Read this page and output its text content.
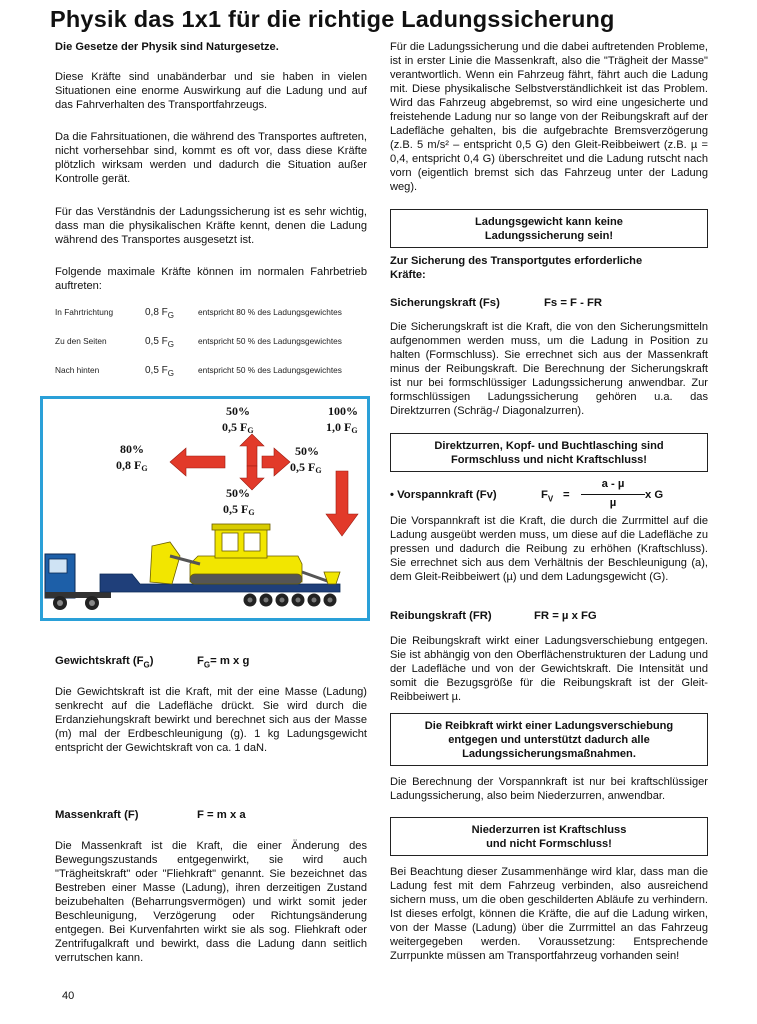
Physik das 1x1 für die richtige Ladungssicherung
Die Gesetze der Physik sind Naturgesetze.

Diese Kräfte sind unabänderbar und sie haben in vielen Situationen eine enorme Auswirkung auf die Ladung und auf das Fahrverhalten des Transportfahrzeugs.

Da die Fahrsituationen, die während des Transportes auftreten, nicht vorhersehbar sind, kommt es oft vor, dass diese Kräfte plötzlich wirksam werden und dadurch die Situation außer Kontrolle gerät.

Für das Verständnis der Ladungssicherung ist es sehr wichtig, dass man die physikalischen Kräfte kennt, denen die Ladung während des Transportes ausgesetzt ist.

Folgende maximale Kräfte können im normalen Fahrbetrieb auftreten:

In Fahrtrichtung	0,8 $F_G$	entspricht 80 % des Ladungsgewichtes
Zu den Seiten	0,5 $F_G$	entspricht 50 % des Ladungsgewichtes
Nach hinten	0,5 $F_G$	entspricht 50 % des Ladungsgewichtes
50%
0,5 FG
100%
1,0 FG
80%
0,8 FG
50%
0,5 FG
50%
0,5 FG
Gewichtskraft $(F_G)$	$F_G= m$ x g

Die Gewichtskraft ist die Kraft, mit der eine Masse (Ladung) senkrecht auf die Ladefläche drückt. Sie wird durch die Erdanziehungskraft bewirkt und berechnet sich aus der Masse (m) mal der Erdbeschleunigung (g). 1 kg Ladungsgewicht entspricht der Gewichtskraft von ca. 1 daN.

Massenkraft (F)	F = m x a

Die Massenkraft ist die Kraft, die einer Änderung des Bewegungszustands entgegenwirkt, sie wird auch "Trägheitskraft" oder "Fliehkraft" genannt. Sie bezeichnet das Bestreben einer Masse (Ladung), ihren derzeitigen Zustand beizubehalten (Beharrungsvermögen) und wirkt somit jeder Beschleunigung, Verzögerung oder Richtungsänderung entgegen. Bei Kurvenfahrten wirkt sie als sog. Fliehkraft oder Zentrifugalkraft und bewirkt, dass die Ladung dann seitlich verrutschen kann.

Für die Ladungssicherung und die dabei auftretenden Probleme, ist in erster Linie die Massenkraft, also die "Trägheit der Masse" verantwortlich. Wenn ein Fahrzeug fährt, fährt auch die Ladung mit. Diese physikalische Selbstverständlichkeit ist das Problem. Wird das Fahrzeug abgebremst, so wird eine ungesicherte und freistehende Ladung nur so lange von der Reibungskraft auf der Ladefläche gehalten, bis die aufgebrachte Bremsverzögerung (z.B. 5 m/s² – entspricht 0,5 G) den Gleit-Reibbeiwert (z.B. µ = 0,4, entspricht 0,4 G) überschreitet und die Ladung rutscht nach vorn (eigentlich bremst sich das Fahrzeug unter der Ladung weg).

Ladungsgewicht kann keine Ladungssicherung sein!
Zur Sicherung des Transportgutes erforderliche Kräfte:
Sicherungskraft (Fs)	Fs = F - FR

Die Sicherungskraft ist die Kraft, die von den Sicherungsmitteln aufgenommen werden muss, um die Ladung in Position zu halten (Formschluss). Sie errechnet sich aus der Massenkraft minus der Reibungskraft. Die Berechnung der Sicherungskraft ist nur bei formschlüssiger Ladungssicherung anwendbar. Zur formschlüssigen Ladungssicherung gehören u.a. das Direktzurren (Schräg-/ Diagonalzurren).

Direktzurren, Kopf- und Buchtlasching sind Formschluss und nicht Kraftschluss!
• Vorspannkraft (Fv)	$F_V$ =
a - µ
µ
x G

Die Vorspannkraft ist die Kraft, die durch die Zurrmittel auf die Ladung ausgeübt werden muss, um diese auf die Ladefläche zu pressen und dadurch die Reibung zu erhöhen (Kraftschluss). Sie errechnet sich aus dem Verhältnis der Beschleunigung (a), dem Gleit-Reibbeiwert (µ) und dem Ladungsgewicht (G).

Reibungskraft (FR)	FR = µ x FG

Die Reibungskraft wirkt einer Ladungsverschiebung entgegen. Sie ist abhängig von den Oberflächenstrukturen der Ladung und der Ladefläche und von der Gewichtskraft. Die Intensität und somit die Bezugsgröße für die Reibungskraft ist der Gleit-Reibbeiwert µ.

Die Reibkraft wirkt einer Ladungsverschiebung entgegen und unterstützt dadurch alle Ladungssicherungsmaßnahmen.

Die Berechnung der Vorspannkraft ist nur bei kraftschlüssiger Ladungssicherung, also beim Niederzurren, anwendbar.

Niederzurren ist Kraftschluss und nicht Formschluss!

Bei Beachtung dieser Zusammenhänge wird klar, dass man die Ladung fest mit dem Fahrzeug verbinden, also ausreichend sichern muss, um die oben geschilderten Abläufe zu verhindern. Ist dieses erfolgt, können die Kräfte, die auf die Ladung wirken, von der Masse (Ladung) über die Zurrmittel an das Fahrzeug weitergegeben werden. Voraussetzung: Entsprechende Zurrpunkte müssen am Transportfahrzeug vorhanden sein!

40
